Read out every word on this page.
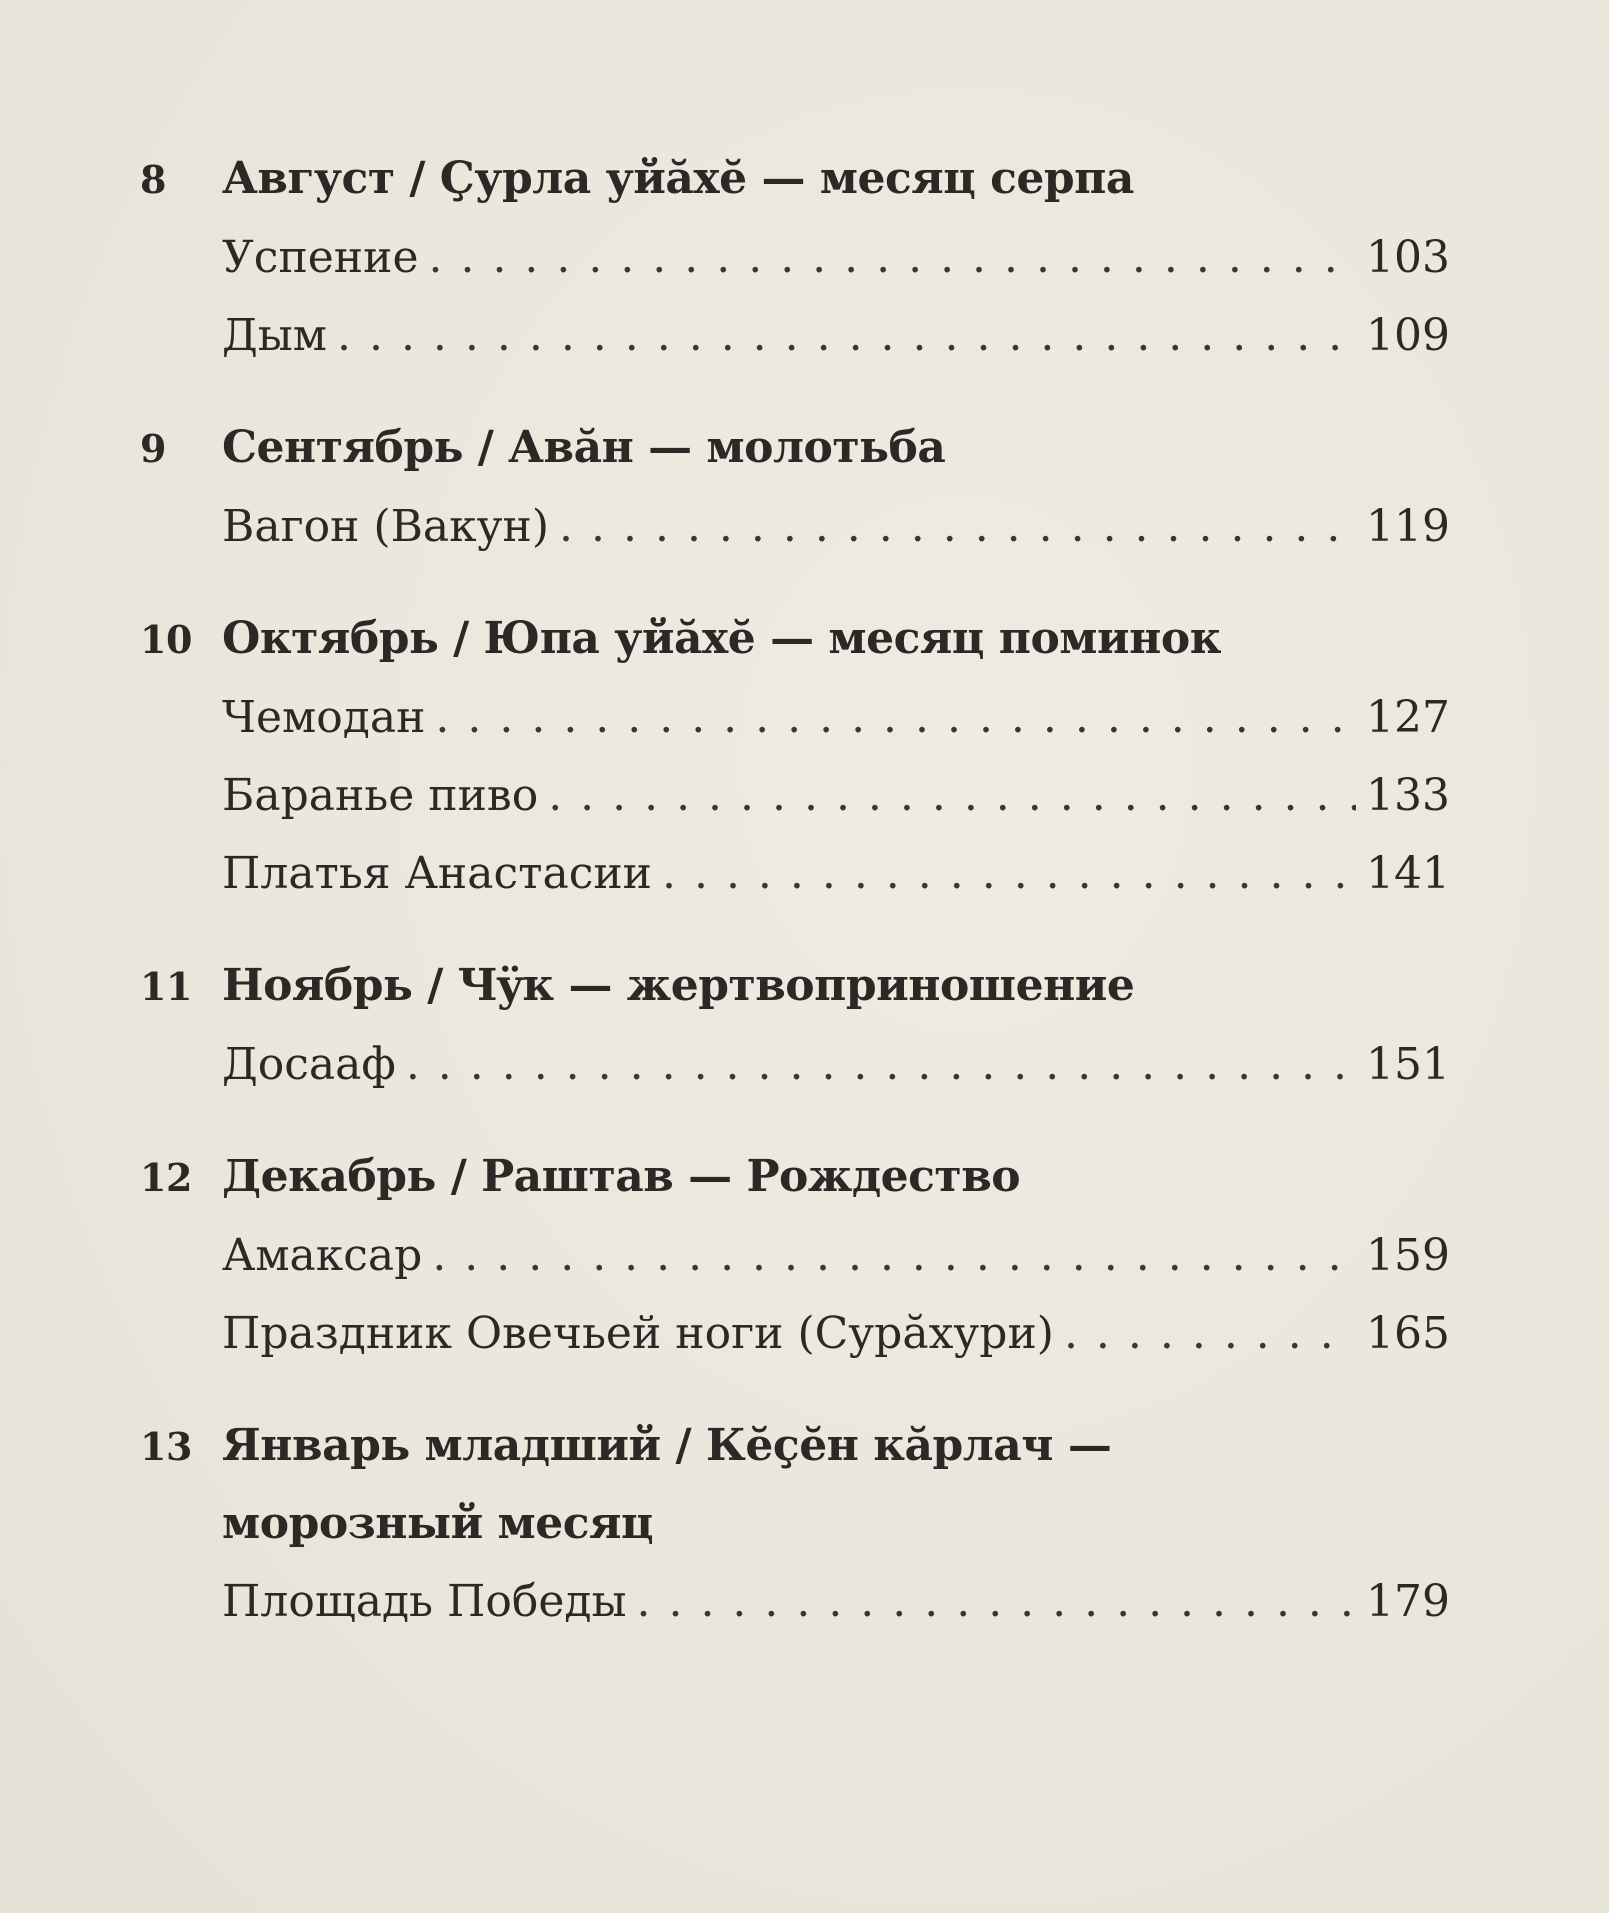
8	Август / Çурла уйăхĕ — месяц серпа
Успение . . .	103
Дым . . .	109
9	Сентябрь / Авăн — молотьба
Вагон (Вакун) . . .	119
10 Октябрь / Юпа уйăхĕ — месяц поминок
Чемодан . . .	127
Баранье пиво . . .	133
Платья Анастасии . . .	141
11 Ноябрь / Чÿк — жертвоприношение
Досааф . . .	151
12 Декабрь / Раштав — Рождество
Амаксар . . .	159
Праздник Овечьей ноги (Сурăхури) . . .	165
13 Январь младший / Кĕçĕн кăрлач —
морозный месяц
Площадь Победы . . .	179
